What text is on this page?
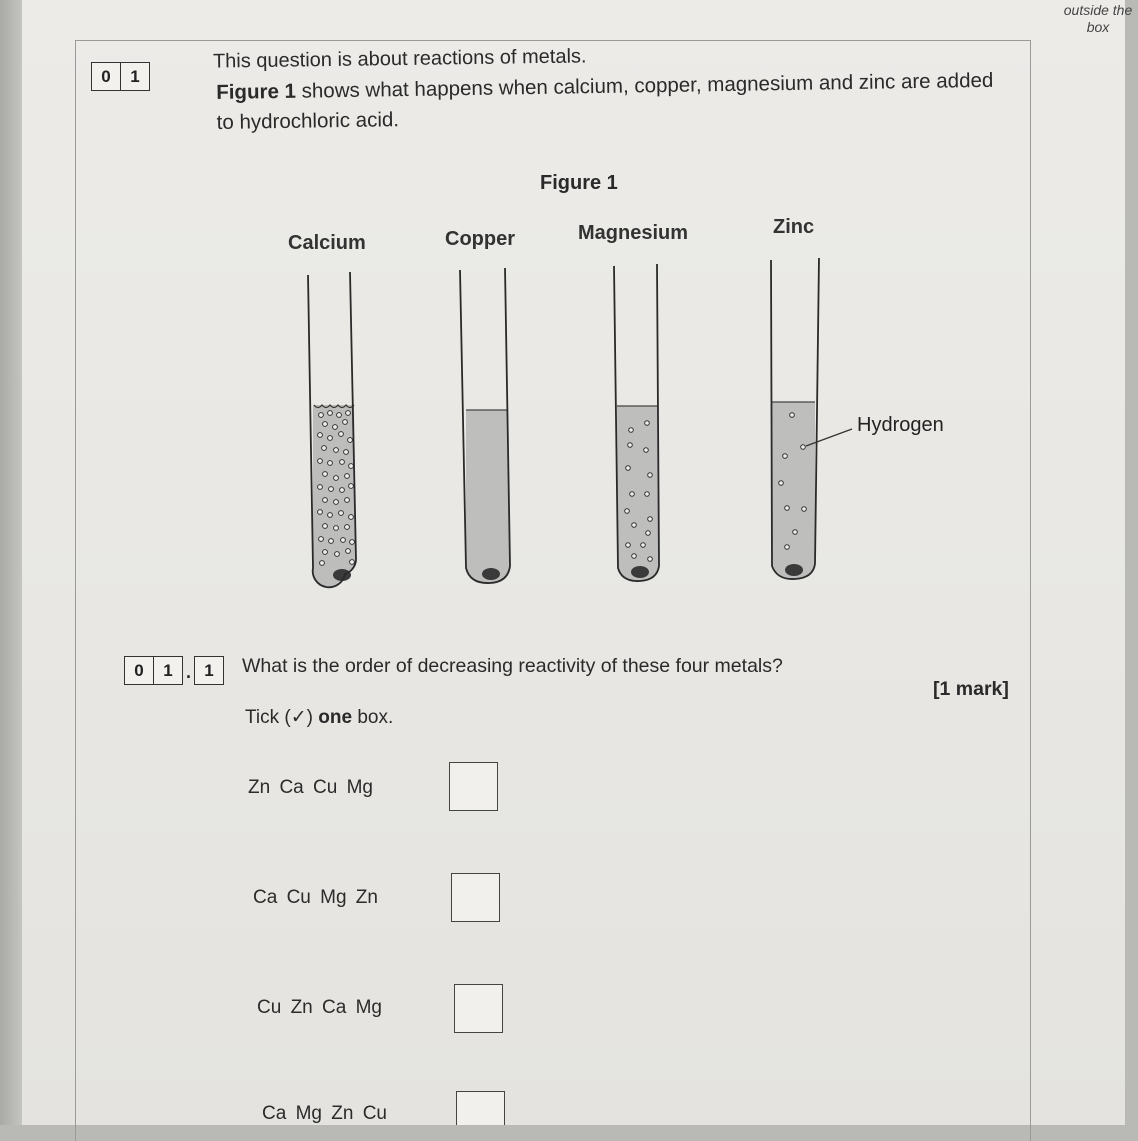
outside the box
0	1
This question is about reactions of metals.
Figure 1 shows what happens when calcium, copper, magnesium and zinc are added
to hydrochloric acid.
Figure 1
Calcium	Copper	Magnesium	Zinc
Hydrogen
0	1 . 1	What is the order of decreasing reactivity of these four metals?
[1 mark]
Tick (✓) one box.
Zn Ca Cu Mg
Ca Cu Mg Zn
Cu Zn Ca Mg
Ca Mg Zn Cu
